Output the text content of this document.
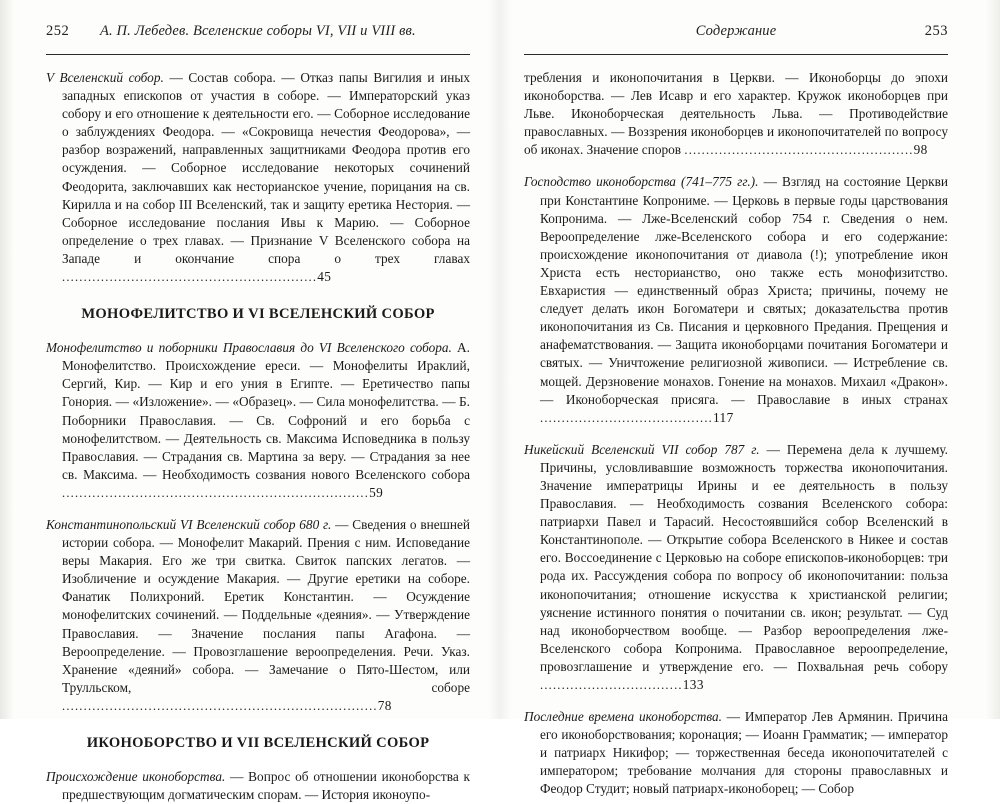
252 А. П. Лебедев. Вселенские соборы VI, VII и VIII вв.

V Вселенский собор. — Состав собора. — Отказ папы Вигилия и иных западных епископов от участия в соборе. — Императорский указ собору и его отношение к деятельности его. — Соборное исследование о заблуждениях Феодора. — «Сокровища нечестия Феодорова», — разбор возражений, направленных защитниками Феодора против его осуждения. — Соборное исследование некоторых сочинений Феодорита, заключавших как несторианское учение, порицания на св. Кирилла и на собор III Вселенский, так и защиту еретика Нестория. — Соборное исследование послания Ивы к Марию. — Соборное определение о трех главах. — Признание V Вселенского собора на Западе и окончание спора о трех главах ...........................................................45

МОНОФЕЛИТСТВО И VI ВСЕЛЕНСКИЙ СОБОР

Монофелитство и поборники Православия до VI Вселенского собора. А. Монофелитство. Происхождение ереси. — Монофелиты Ираклий, Сергий, Кир. — Кир и его уния в Египте. — Еретичество папы Гонория. — «Изложение». — «Образец». — Сила монофелитства. — Б. Поборники Православия. — Св. Софроний и его борьба с монофелитством. — Деятельность св. Максима Исповедника в пользу Православия. — Страдания св. Мартина за веру. — Страдания за нее св. Максима. — Необходимость созвания нового Вселенского собора .......................................................................59

Константинопольский VI Вселенский собор 680 г. — Сведения о внешней истории собора. — Монофелит Макарий. Прения с ним. Исповедание веры Макария. Его же три свитка. Свиток папских легатов. — Изобличение и осуждение Макария. — Другие еретики на соборе. Фанатик Полихроний. Еретик Константин. — Осуждение монофелитских сочинений. — Поддельные «деяния». — Утверждение Православия. — Значение послания папы Агафона. — Вероопределение. — Провозглашение вероопределения. Речи. Указ. Хранение «деяний» собора. — Замечание о Пято-Шестом, или Трулльском, соборе .........................................................................78

ИКОНОБОРСТВО И VII ВСЕЛЕНСКИЙ СОБОР

Происхождение иконоборства. — Вопрос об отношении иконоборства к предшествующим догматическим спорам. — История иконоупо-

Содержание	253

требления и иконопочитания в Церкви. — Иконоборцы до эпохи иконоборства. — Лев Исавр и его характер. Кружок иконоборцев при Льве. Иконоборческая деятельность Льва. — Противодействие православных. — Воззрения иконоборцев и иконопочитателей по вопросу об иконах. Значение споров .....................................................98

Господство иконоборства (741–775 гг.). — Взгляд на состояние Церкви при Константине Копрониме. — Церковь в первые годы царствования Копронима. — Лже-Вселенский собор 754 г. Сведения о нем. Вероопределение лже-Вселенского собора и его содержание: происхождение иконопочитания от диавола (!); употребление икон Христа есть несторианство, оно также есть монофизитство. Евхаристия — единственный образ Христа; причины, почему не следует делать икон Богоматери и святых; доказательства против иконопочитания из Св. Писания и церковного Предания. Прещения и анафематствования. — Защита иконоборцами почитания Богоматери и святых. — Уничтожение религиозной живописи. — Истребление св. мощей. Дерзновение монахов. Гонение на монахов. Михаил «Дракон». — Иконоборческая присяга. — Православие в иных странах ........................................117

Никейский Вселенский VII собор 787 г. — Перемена дела к лучшему. Причины, условливавшие возможность торжества иконопочитания. Значение императрицы Ирины и ее деятельность в пользу Православия. — Необходимость созвания Вселенского собора: патриархи Павел и Тарасий. Несостоявшийся собор Вселенский в Константинополе. — Открытие собора Вселенского в Никее и состав его. Воссоединение с Церковью на соборе епископов-иконоборцев: три рода их. Рассуждения собора по вопросу об иконопочитании: польза иконопочитания; отношение искусства к христианской религии; уяснение истинного понятия о почитании св. икон; результат. — Суд над иконоборчеством вообще. — Разбор вероопределения лже-Вселенского собора Копронима. Православное вероопределение, провозглашение и утверждение его. — Похвальная речь собору .................................133

Последние времена иконоборства. — Император Лев Армянин. Причина его иконоборствования; коронация; — Иоанн Грамматик; — император и патриарх Никифор; — торжественная беседа иконопочитателей с императором; требование молчания для стороны православных и Феодор Студит; новый патриарх-иконоборец; — Собор
